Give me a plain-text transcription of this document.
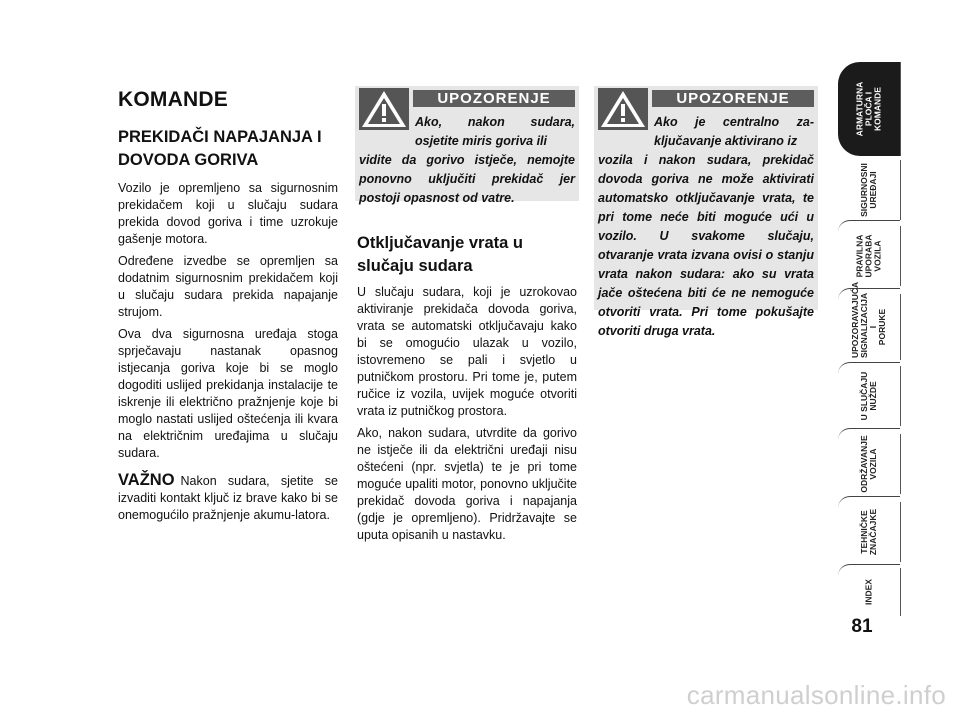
KOMANDE
PREKIDAČI NAPAJANJA I DOVODA GORIVA

Vozilo je opremljeno sa sigurnosnim prekidačem koji u slučaju sudara prekida dovod goriva i time uzrokuje gašenje motora.

Određene izvedbe se opremljen sa dodatnim sigurnosnim prekidačem koji u slučaju sudara prekida napajanje strujom.

Ova dva sigurnosna uređaja stoga sprječavaju nastanak opasnog istjecanja goriva koje bi se moglo dogoditi uslijed prekidanja instalacije te iskrenje ili električno pražnjenje koje bi moglo nastati uslijed oštećenja ili kvara na električnim uređajima u slučaju sudara.

VAŽNO Nakon sudara, sjetite se izvaditi kontakt ključ iz brave kako bi se onemogućilo pražnjenje akumu-latora.

UPOZORENJE
Ako, nakon sudara, osjetite miris goriva ili
vidite da gorivo istječe, nemojte ponovno uključiti prekidač jer postoji opasnost od vatre.
Otključavanje vrata u slučaju sudara

U slučaju sudara, koji je uzrokovao aktiviranje prekidača dovoda goriva, vrata se automatski otključavaju kako bi se omogućio ulazak u vozilo, istovremeno se pali i svjetlo u putničkom prostoru. Pri tome je, putem ručice iz vozila, uvijek moguće otvoriti vrata iz putničkog prostora.

Ako, nakon sudara, utvrdite da gorivo ne istječe ili da električni uređaji nisu oštećeni (npr. svjetla) te je pri tome moguće upaliti motor, ponovno uključite prekidač dovoda goriva i napajanja (gdje je opremljeno). Pridržavajte se uputa opisanih u nastavku.

UPOZORENJE
Ako je centralno za-ključavanje aktivirano iz
vozila i nakon sudara, prekidač dovoda goriva ne može aktivirati automatsko otključavanje vrata, te pri tome neće biti moguće ući u vozilo. U svakome slučaju, otvaranje vrata izvana ovisi o stanju vrata nakon sudara: ako su vrata jače oštećena biti će ne nemoguće otvoriti vrata. Pri tome pokušajte otvoriti druga vrata.
ARMATURNA
PLOČA I
KOMANDE
SIGURNOSNI
UREĐAJI
PRAVILNA
UPORABA
VOZILA
UPOZORAVAJUĆA
SIGNALIZACIJA I
PORUKE
U SLUČAJU
NUŽDE
ODRŽAVANJE
VOZILA
TEHNIČKE
ZNAČAJKE
INDEX
81
carmanualsonline.info
